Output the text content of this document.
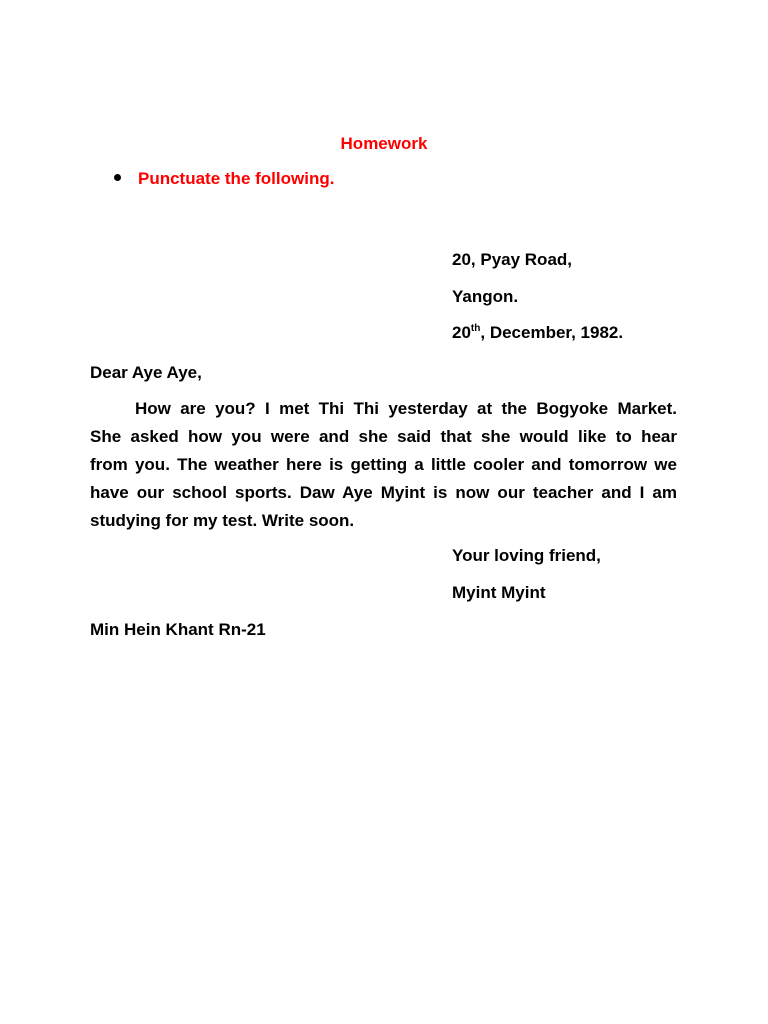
Homework
Punctuate the following.
20, Pyay Road,
Yangon.
20th, December, 1982.
Dear Aye Aye,
How are you? I met Thi Thi yesterday at the Bogyoke Market.
She asked how you were and she said that she would like to hear
from you. The weather here is getting a little cooler and tomorrow we
have our school sports. Daw Aye Myint is now our teacher and I am
studying for my test. Write soon.
Your loving friend,
Myint Myint
Min Hein Khant Rn-21
